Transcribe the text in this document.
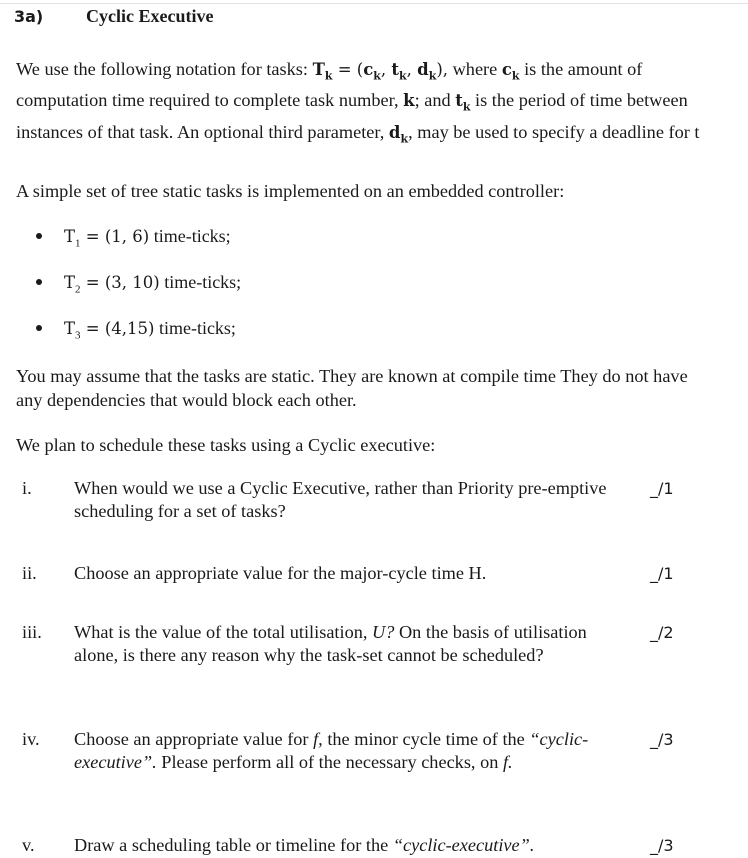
3a) Cyclic Executive
We use the following notation for tasks: $T_k = (c_k$, $t_k$, $d_k$), where $c_k$ is the amount of computation time required to complete task number, k; and $t_k$ is the period of time between instances of that task. An optional third parameter, $d_k$, may be used to specify a deadline for t
A simple set of tree static tasks is implemented on an embedded controller:
$T_1 = (1$, 6) time-ticks;
$T_2 = (3$, 10) time-ticks;
$T_3 = (4,15)$ time-ticks;
You may assume that the tasks are static. They are known at compile time They do not have any dependencies that would block each other.
We plan to schedule these tasks using a Cyclic executive:
i. When would we use a Cyclic Executive, rather than Priority pre-emptive scheduling for a set of tasks?
_/1
ii. Choose an appropriate value for the major-cycle time H.	_/1
iii. What is the value of the total utilisation, U? On the basis of utilisation alone, is there any reason why the task-set cannot be scheduled?
_/2
iv. Choose an appropriate value for f, the minor cycle time of the “cyclic-executive”. Please perform all of the necessary checks, on f.
_/3
v. Draw a scheduling table or timeline for the “cyclic-executive”.	_/3
